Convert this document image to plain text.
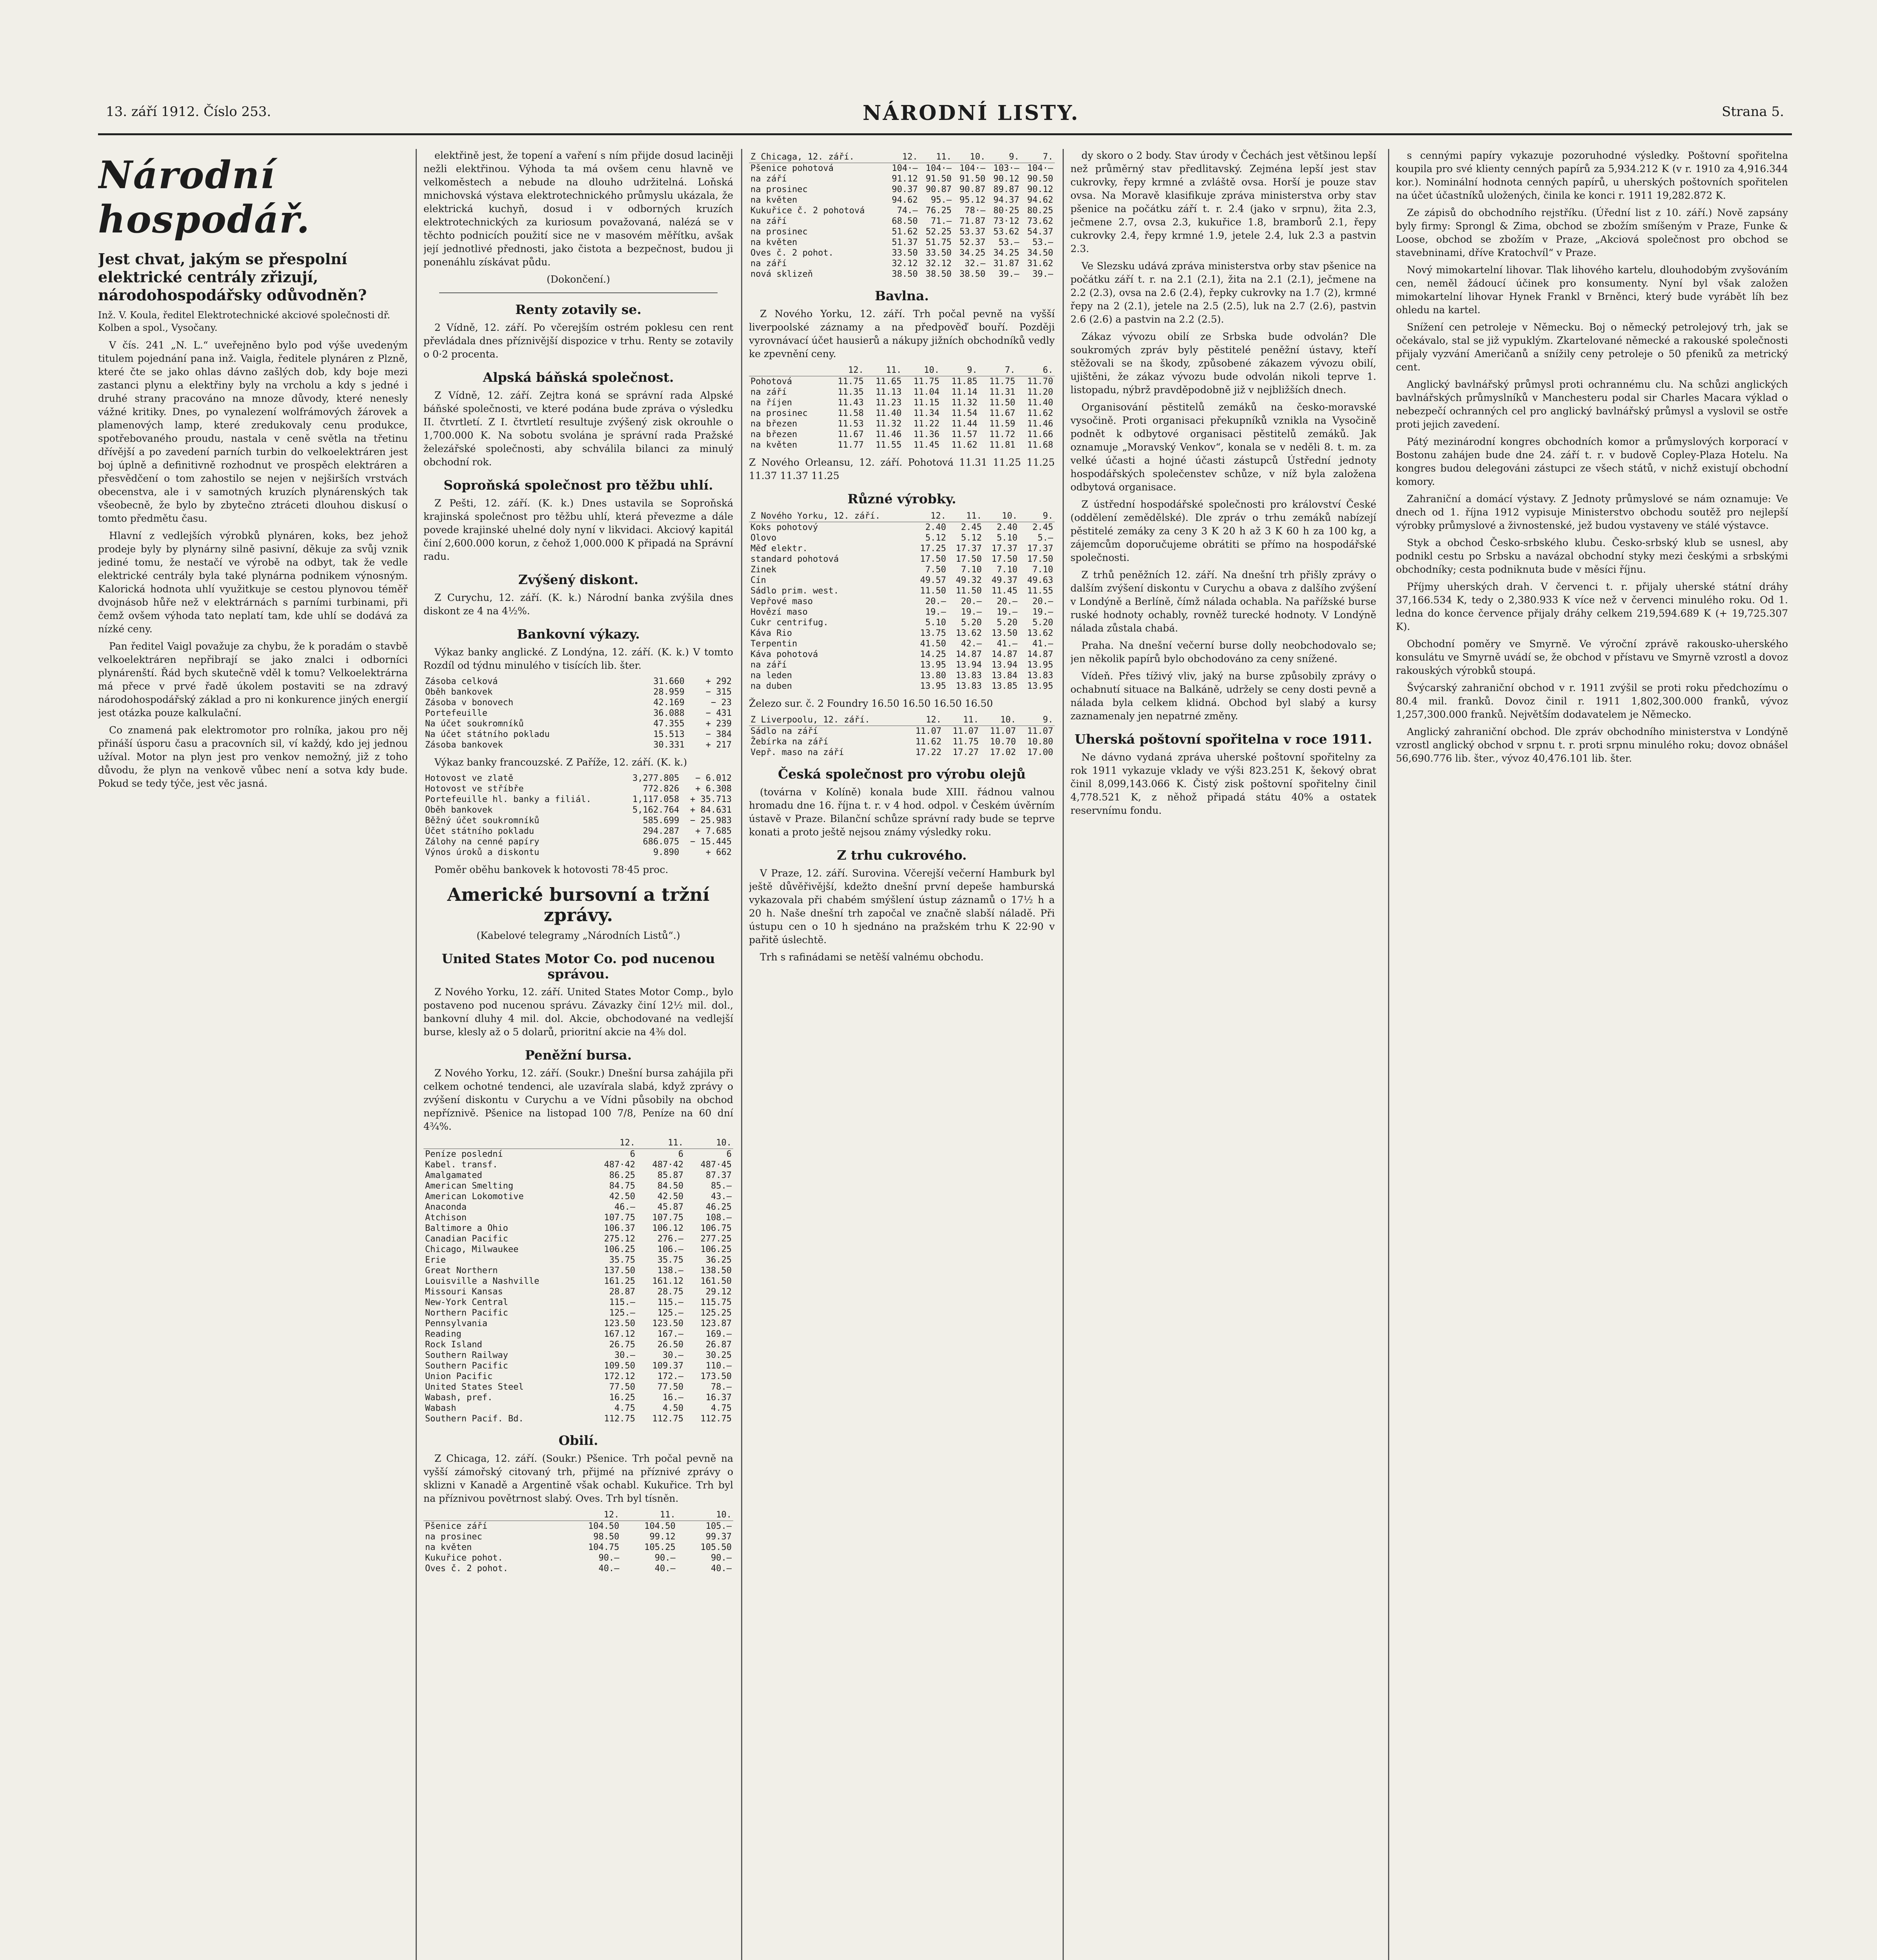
13. září 1912. Číslo 253.	NÁRODNÍ LISTY.	Strana 5.
Národní hospodář.
Jest chvat, jakým se přespolní elektrické centrály zřizují, národohospodářsky odůvodněn?
Inž. V. Koula, ředitel Elektrotechnické akciové společnosti dř. Kolben a spol., Vysočany.

V čís. 241 „N. L.“ uveřejněno bylo pod výše uvedeným titulem pojednání pana inž. Vaigla, ředitele plynáren z Plzně, které čte se jako ohlas dávno zašlých dob, kdy boje mezi zastanci plynu a elektřiny byly na vrcholu a kdy s jedné i druhé strany pracováno na mnoze důvody, které nenesly vážné kritiky. Dnes, po vynalezení wolfrámových žárovek a plamenových lamp, které zredukovaly cenu produkce, spotřebovaného proudu, nastala v ceně světla na třetinu dřívější a po zavedení parních turbin do velkoelektráren jest boj úplně a definitivně rozhodnut ve prospěch elektráren a přesvědčení o tom zahostilo se nejen v nejširších vrstvách obecenstva, ale i v samotných kruzích plynárenských tak všeobecně, že bylo by zbytečno ztráceti dlouhou diskusí o tomto předmětu času.

Hlavní z vedlejších výrobků plynáren, koks, bez jehož prodeje byly by plynárny silně pasivní, děkuje za svůj vznik jediné tomu, že nestačí ve výrobě na odbyt, tak že vedle elektrické centrály byla také plynárna podnikem výnosným. Kalorická hodnota uhlí využitkuje se cestou plynovou téměř dvojnásob hůře než v elektrárnách s parními turbinami, při čemž ovšem výhoda tato neplatí tam, kde uhlí se dodává za nízké ceny.

Pan ředitel Vaigl považuje za chybu, že k poradám o stavbě velkoelektráren nepřibrají se jako znalci i odborníci plynárenští. Řád bych skutečně vděl k tomu? Velkoelektrárna má přece v prvé řadě úkolem postaviti se na zdravý národohospodářský základ a pro ni konkurence jiných energií jest otázka pouze kalkulační.

Co znamená pak elektromotor pro rolníka, jakou pro něj přináší úsporu času a pracovních sil, ví každý, kdo jej jednou užíval. Motor na plyn jest pro venkov nemožný, již z toho důvodu, že plyn na venkově vůbec není a sotva kdy bude. Pokud se tedy týče, jest věc jasná.

elektřině jest, že topení a vaření s ním přijde dosud laciněji nežli elektřinou. Výhoda ta má ovšem cenu hlavně ve velkoměstech a nebude na dlouho udržitelná. Loňská mnichovská výstava elektrotechnického průmyslu ukázala, že elektrická kuchyň, dosud i v odborných kruzích elektrotechnických za kuriosum považovaná, nalézá se v těchto podnicích použití sice ne v masovém měřítku, avšak její jednotlivé přednosti, jako čistota a bezpečnost, budou ji ponenáhlu získávat půdu.

(Dokončení.)

Renty zotavily se.

2 Vídně, 12. září. Po včerejším ostrém poklesu cen rent převládala dnes příznivější dispozice v trhu. Renty se zotavily o 0·2 procenta.

Alpská báňská společnost.

Z Vídně, 12. září. Zejtra koná se správní rada Alpské báňské společnosti, ve které podána bude zpráva o výsledku II. čtvrtletí. Z I. čtvrtletí resultuje zvýšený zisk okrouhle o 1,700.000 K. Na sobotu svolána je správní rada Pražské železářské společnosti, aby schválila bilanci za minulý obchodní rok.

Soproňská společnost pro těžbu uhlí.

Z Pešti, 12. září. (K. k.) Dnes ustavila se Soproňská krajinská společnost pro těžbu uhlí, která převezme a dále povede krajinské uhelné doly nyní v likvidaci. Akciový kapitál činí 2,600.000 korun, z čehož 1,000.000 K připadá na Správní radu.

Zvýšený diskont.

Z Curychu, 12. září. (K. k.) Národní banka zvýšila dnes diskont ze 4 na 4½%.

Bankovní výkazy.

Výkaz banky anglické. Z Londýna, 12. září. (K. k.) V tomto Rozdíl od týdnu minulého v tisících lib. šter.

Zásoba celková	31.660	+ 292
Oběh bankovek	28.959	− 315
Zásoba v bonovech	42.169	− 23
Portefeuille	36.088	− 431
Na účet soukromníků	47.355	+ 239
Na účet státního pokladu	15.513	− 384
Zásoba bankovek	30.331	+ 217

Výkaz banky francouzské. Z Paříže, 12. září. (K. k.)

Hotovost ve zlatě	3,277.805	− 6.012
Hotovost ve stříbře	772.826	+ 6.308
Portefeuille hl. banky a filiál.	1,117.058	+ 35.713
Oběh bankovek	5,162.764	+ 84.631
Běžný účet soukromníků	585.699	− 25.983
Účet státního pokladu	294.287	+ 7.685
Zálohy na cenné papíry	686.075	− 15.445
Výnos úroků a diskontu	9.890	+ 662

Poměr oběhu bankovek k hotovosti 78·45 proc.

Americké bursovní a tržní zprávy.

(Kabelové telegramy „Národních Listů“.)

United States Motor Co. pod nucenou správou.

Z Nového Yorku, 12. září. United States Motor Comp., bylo postaveno pod nucenou správu. Závazky činí 12½ mil. dol., bankovní dluhy 4 mil. dol. Akcie, obchodované na vedlejší burse, klesly až o 5 dolarů, prioritní akcie na 4⅜ dol.

Peněžní bursa.

Z Nového Yorku, 12. září. (Soukr.) Dnešní bursa zahájila při celkem ochotné tendenci, ale uzavírala slabá, když zprávy o zvýšení diskontu v Curychu a ve Vídni působily na obchod nepříznivě. Pšenice na listopad 100 7/8, Peníze na 60 dní 4¾%.

	12.	11.	10.
Peníze poslední	6	6	6
Kabel. transf.	487·42	487·42	487·45
Amalgamated	86.25	85.87	87.37
American Smelting	84.75	84.50	85.—
American Lokomotive	42.50	42.50	43.—
Anaconda	46.—	45.87	46.25
Atchison	107.75	107.75	108.—
Baltimore a Ohio	106.37	106.12	106.75
Canadian Pacific	275.12	276.—	277.25
Chicago, Milwaukee	106.25	106.—	106.25
Erie	35.75	35.75	36.25
Great Northern	137.50	138.—	138.50
Louisville a Nashville	161.25	161.12	161.50
Missouri Kansas	28.87	28.75	29.12
New-York Central	115.—	115.—	115.75
Northern Pacific	125.—	125.—	125.25
Pennsylvania	123.50	123.50	123.87
Reading	167.12	167.—	169.—
Rock Island	26.75	26.50	26.87
Southern Railway	30.—	30.—	30.25
Southern Pacific	109.50	109.37	110.—
Union Pacific	172.12	172.—	173.50
United States Steel	77.50	77.50	78.—
Wabash, pref.	16.25	16.—	16.37
Wabash	4.75	4.50	4.75
Southern Pacif. Bd.	112.75	112.75	112.75
Obilí.

Z Chicaga, 12. září. (Soukr.) Pšenice. Trh počal pevně na vyšší zámořský citovaný trh, přijmé na příznivé zprávy o sklizni v Kanadě a Argentině však ochabl. Kukuřice. Trh byl na příznivou povětrnost slabý. Oves. Trh byl tísněn.

	12.	11.	10.
Pšenice září	104.50	104.50	105.—
na prosinec	98.50	99.12	99.37
na květen	104.75	105.25	105.50
Kukuřice pohot.	90.—	90.—	90.—
Oves č. 2 pohot.	40.—	40.—	40.—
Z Chicaga, 12. září.	12.	11.	10.	9.	7.
Pšenice pohotová	104·—	104·—	104·—	103·—	104·—
na září	91.12	91.50	91.50	90.12	90.50
na prosinec	90.37	90.87	90.87	89.87	90.12
na květen	94.62	95.—	95.12	94.37	94.62
Kukuřice č. 2 pohotová	74.—	76.25	78·—	80·25	80.25
na září	68.50	71.—	71.87	73·12	73.62
na prosinec	51.62	52.25	53.37	53.62	54.37
na květen	51.37	51.75	52.37	53.—	53.—
Oves č. 2 pohot.	33.50	33.50	34.25	34.25	34.50
na září	32.12	32.12	32.—	31.87	31.62
nová sklizeň	38.50	38.50	38.50	39.—	39.—
Bavlna.

Z Nového Yorku, 12. září. Trh počal pevně na vyšší liverpoolské záznamy a na předpověď bouří. Později vyrovnávací účet hausierů a nákupy jižních obchodníků vedly ke zpevnění ceny.

	12.	11.	10.	9.	7.	6.
Pohotová	11.75	11.65	11.75	11.85	11.75	11.70
na září	11.35	11.13	11.04	11.14	11.31	11.20
na říjen	11.43	11.23	11.15	11.32	11.50	11.40
na prosinec	11.58	11.40	11.34	11.54	11.67	11.62
na březen	11.53	11.32	11.22	11.44	11.59	11.46
na březen	11.67	11.46	11.36	11.57	11.72	11.66
na květen	11.77	11.55	11.45	11.62	11.81	11.68

Z Nového Orleansu, 12. září. Pohotová 11.31 11.25 11.25 11.37 11.37 11.25

Různé výrobky.
Z Nového Yorku, 12. září.	12.	11.	10.	9.
Koks pohotový	2.40	2.45	2.40	2.45
Olovo	5.12	5.12	5.10	5.—
Měď elektr.	17.25	17.37	17.37	17.37
standard pohotová	17.50	17.50	17.50	17.50
Zinek	7.50	7.10	7.10	7.10
Cín	49.57	49.32	49.37	49.63
Sádlo prim. west.	11.50	11.50	11.45	11.55
Vepřové maso	20.—	20.—	20.—	20.—
Hovězí maso	19.—	19.—	19.—	19.—
Cukr centrifug.	5.10	5.20	5.20	5.20
Káva Rio	13.75	13.62	13.50	13.62
Terpentin	41.50	42.—	41.—	41.—
Káva pohotová	14.25	14.87	14.87	14.87
na září	13.95	13.94	13.94	13.95
na leden	13.80	13.83	13.84	13.83
na duben	13.95	13.83	13.85	13.95

Železo sur. č. 2 Foundry 16.50 16.50 16.50 16.50

Z Liverpoolu, 12. září.	12.	11.	10.	9.
Sádlo na září	11.07	11.07	11.07	11.07
Žebírka na září	11.62	11.75	10.70	10.80
Vepř. maso na září	17.22	17.27	17.02	17.00
Česká společnost pro výrobu olejů

(továrna v Kolíně) konala bude XIII. řádnou valnou hromadu dne 16. října t. r. v 4 hod. odpol. v Českém úvěrním ústavě v Praze. Bilanční schůze správní rady bude se teprve konati a proto ještě nejsou známy výsledky roku.

Z trhu cukrového.

V Praze, 12. září. Surovina. Včerejší večerní Hamburk byl ještě důvěřivější, kdežto dnešní první depeše hamburská vykazovala při chabém smýšlení ústup záznamů o 17½ h a 20 h. Naše dnešní trh započal ve značně slabší náladě. Při ústupu cen o 10 h sjednáno na pražském trhu K 22·90 v pařitě úslechtě.

Trh s rafinádami se netěší valnému obchodu.

dy skoro o 2 body. Stav úrody v Čechách jest většinou lepší než průměrný stav předlitavský. Zejména lepší jest stav cukrovky, řepy krmné a zvláště ovsa. Horší je pouze stav ovsa. Na Moravě klasifikuje zpráva ministerstva orby stav pšenice na počátku září t. r. 2.4 (jako v srpnu), žita 2.3, ječmene 2.7, ovsa 2.3, kukuřice 1.8, bramborů 2.1, řepy cukrovky 2.4, řepy krmné 1.9, jetele 2.4, luk 2.3 a pastvin 2.3.

Ve Slezsku udává zpráva ministerstva orby stav pšenice na počátku září t. r. na 2.1 (2.1), žita na 2.1 (2.1), ječmene na 2.2 (2.3), ovsa na 2.6 (2.4), řepky cukrovky na 1.7 (2), krmné řepy na 2 (2.1), jetele na 2.5 (2.5), luk na 2.7 (2.6), pastvin 2.6 (2.6) a pastvin na 2.2 (2.5).

Zákaz vývozu obilí ze Srbska bude odvolán? Dle soukromých zpráv byly pěstitelé peněžní ústavy, kteří stěžovali se na škody, způsobené zákazem vývozu obilí, ujištěni, že zákaz vývozu bude odvolán nikoli teprve 1. listopadu, nýbrž pravděpodobně již v nejbližších dnech.

Organisování pěstitelů zemáků na česko-moravské vysočině. Proti organisaci překupníků vznikla na Vysočině podnět k odbytové organisaci pěstitelů zemáků. Jak oznamuje „Moravský Venkov“, konala se v neděli 8. t. m. za velké účasti a hojné účasti zástupců Ústřední jednoty hospodářských společenstev schůze, v níž byla založena odbytová organisace.

Z ústřední hospodářské společnosti pro království České (oddělení zemědělské). Dle zpráv o trhu zemáků nabízejí pěstitelé zemáky za ceny 3 K 20 h až 3 K 60 h za 100 kg, a zájemcům doporučujeme obrátiti se přímo na hospodářské společnosti.

Z trhů peněžních 12. září. Na dnešní trh přišly zprávy o dalším zvýšení diskontu v Curychu a obava z dalšího zvýšení v Londýně a Berlíně, čímž nálada ochabla. Na pařížské burse ruské hodnoty ochably, rovněž turecké hodnoty. V Londýně nálada zůstala chabá.

Praha. Na dnešní večerní burse dolly neobchodovalo se; jen několik papírů bylo obchodováno za ceny snížené.

Vídeň. Přes tíživý vliv, jaký na burse způsobily zprávy o ochabnutí situace na Balkáně, udržely se ceny dosti pevně a nálada byla celkem klidná. Obchod byl slabý a kursy zaznamenaly jen nepatrné změny.

Uherská poštovní spořitelna v roce 1911.

Ne dávno vydaná zpráva uherské poštovní spořitelny za rok 1911 vykazuje vklady ve výši 823.251 K, šekový obrat činil 8,099,143.066 K. Čistý zisk poštovní spořitelny činil 4,778.521 K, z něhož připadá státu 40% a ostatek reservnímu fondu.

s cennými papíry vykazuje pozoruhodné výsledky. Poštovní spořitelna koupila pro své klienty cenných papírů za 5,934.212 K (v r. 1910 za 4,916.344 kor.). Nominální hodnota cenných papírů, u uherských poštovních spořitelen na účet účastníků uložených, činila ke konci r. 1911 19,282.872 K.

Ze zápisů do obchodního rejstříku. (Úřední list z 10. září.) Nově zapsány byly firmy: Sprongl & Zima, obchod se zbožím smíšeným v Praze, Funke & Loose, obchod se zbožím v Praze, „Akciová společnost pro obchod se stavebninami, dříve Kratochvíl“ v Praze.

Nový mimokartelní lihovar. Tlak lihového kartelu, dlouhodobým zvyšováním cen, neměl žádoucí účinek pro konsumenty. Nyní byl však založen mimokartelní lihovar Hynek Frankl v Brněnci, který bude vyrábět líh bez ohledu na kartel.

Snížení cen petroleje v Německu. Boj o německý petrolejový trh, jak se očekávalo, stal se již vypuklým. Zkartelované německé a rakouské společnosti přijaly vyzvání Američanů a snížily ceny petroleje o 50 pfeniků za metrický cent.

Anglický bavlnářský průmysl proti ochrannému clu. Na schůzi anglických bavlnářských průmyslníků v Manchesteru podal sir Charles Macara výklad o nebezpečí ochranných cel pro anglický bavlnářský průmysl a vyslovil se ostře proti jejich zavedení.

Pátý mezinárodní kongres obchodních komor a průmyslových korporací v Bostonu zahájen bude dne 24. září t. r. v budově Copley-Plaza Hotelu. Na kongres budou delegováni zástupci ze všech států, v nichž existují obchodní komory.

Zahraniční a domácí výstavy. Z Jednoty průmyslové se nám oznamuje: Ve dnech od 1. října 1912 vypisuje Ministerstvo obchodu soutěž pro nejlepší výrobky průmyslové a živnostenské, jež budou vystaveny ve stálé výstavce.

Styk a obchod Česko-srbského klubu. Česko-srbský klub se usnesl, aby podnikl cestu po Srbsku a navázal obchodní styky mezi českými a srbskými obchodníky; cesta podniknuta bude v měsíci říjnu.

Příjmy uherských drah. V červenci t. r. přijaly uherské státní dráhy 37,166.534 K, tedy o 2,380.933 K více než v červenci minulého roku. Od 1. ledna do konce července přijaly dráhy celkem 219,594.689 K (+ 19,725.307 K).

Obchodní poměry ve Smyrně. Ve výroční zprávě rakousko-uherského konsulátu ve Smyrně uvádí se, že obchod v přístavu ve Smyrně vzrostl a dovoz rakouských výrobků stoupá.

Švýcarský zahraniční obchod v r. 1911 zvýšil se proti roku předchozímu o 80.4 mil. franků. Dovoz činil r. 1911 1,802,300.000 franků, vývoz 1,257,300.000 franků. Největším dodavatelem je Německo.

Anglický zahraniční obchod. Dle zpráv obchodního ministerstva v Londýně vzrostl anglický obchod v srpnu t. r. proti srpnu minulého roku; dovoz obnášel 56,690.776 lib. šter., vývoz 40,476.101 lib. šter.
